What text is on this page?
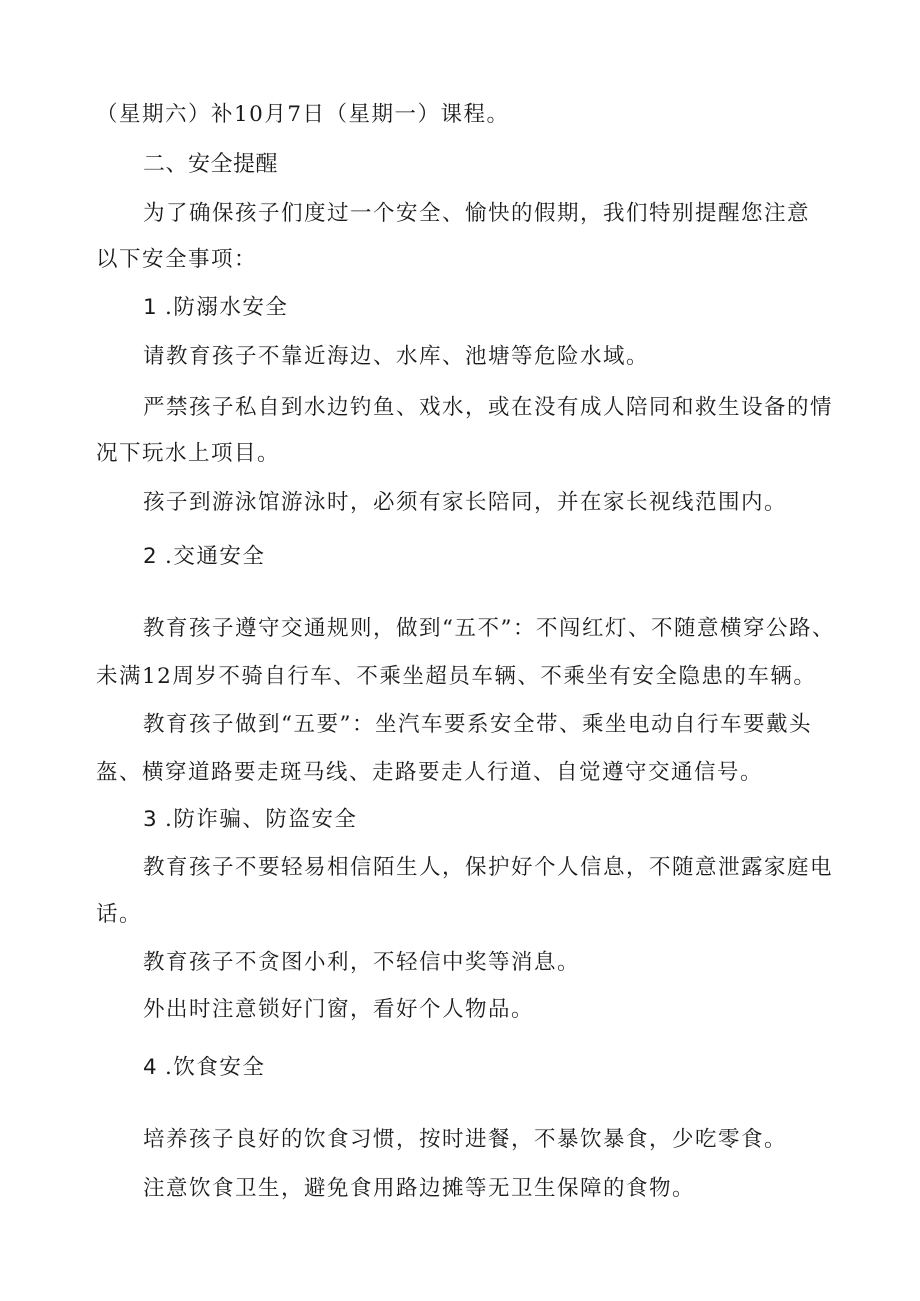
（星期六）补10月7日（星期一）课程。
二、安全提醒
为了确保孩子们度过一个安全、愉快的假期，我们特别提醒您注意
以下安全事项：
1 .防溺水安全
请教育孩子不靠近海边、水库、池塘等危险水域。
严禁孩子私自到水边钓鱼、戏水，或在没有成人陪同和救生设备的情
况下玩水上项目。
孩子到游泳馆游泳时，必须有家长陪同，并在家长视线范围内。
2 .交通安全
教育孩子遵守交通规则，做到“五不”：不闯红灯、不随意横穿公路、
未满12周岁不骑自行车、不乘坐超员车辆、不乘坐有安全隐患的车辆。
教育孩子做到“五要”：坐汽车要系安全带、乘坐电动自行车要戴头
盔、横穿道路要走斑马线、走路要走人行道、自觉遵守交通信号。
3 .防诈骗、防盗安全
教育孩子不要轻易相信陌生人，保护好个人信息，不随意泄露家庭电
话。
教育孩子不贪图小利，不轻信中奖等消息。
外出时注意锁好门窗，看好个人物品。
4 .饮食安全
培养孩子良好的饮食习惯，按时进餐，不暴饮暴食，少吃零食。
注意饮食卫生，避免食用路边摊等无卫生保障的食物。
